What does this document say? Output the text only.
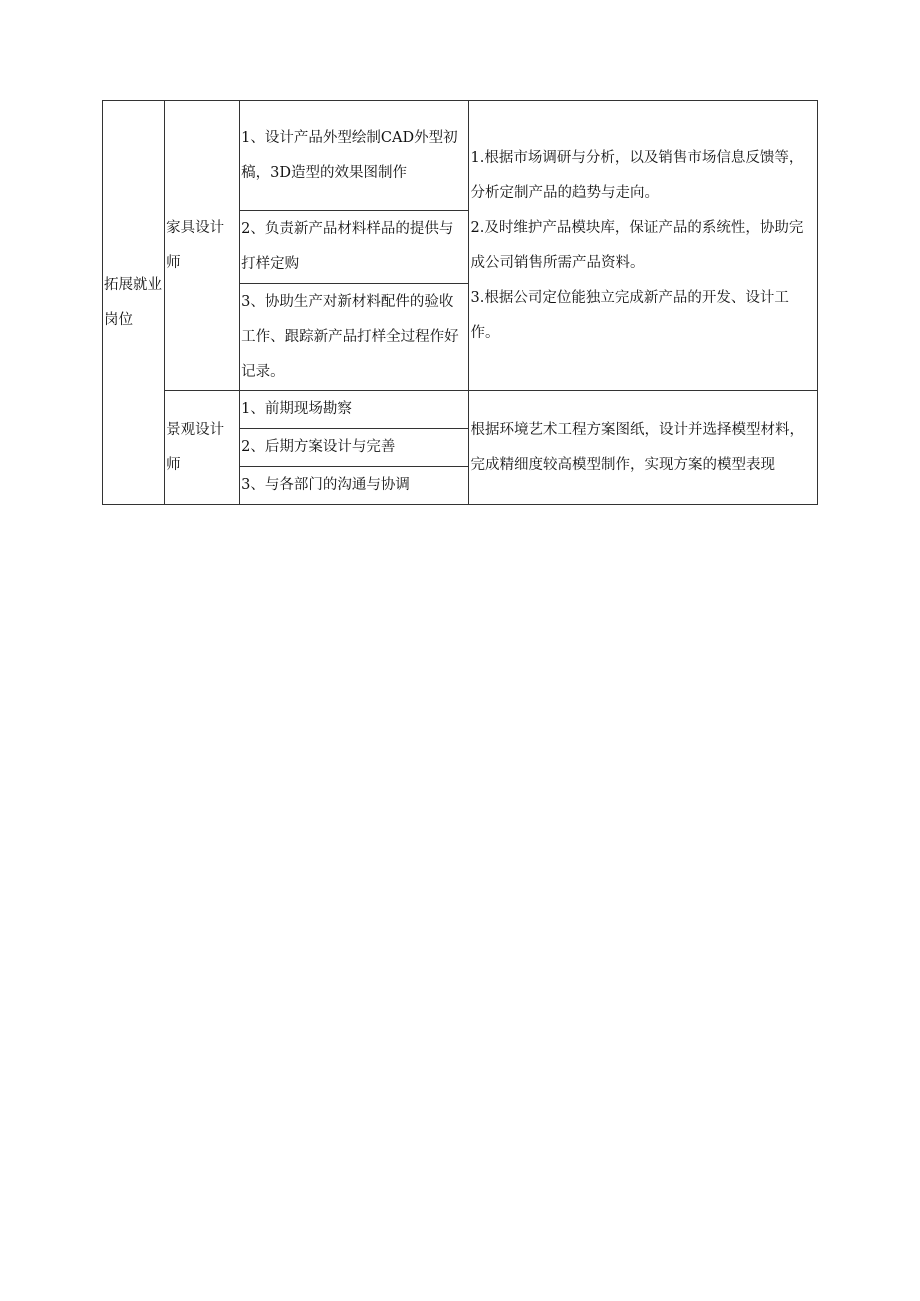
拓展就业岗位	家具设计师	1、设计产品外型绘制CAD外型初稿，3D造型的效果图制作	1.根据市场调研与分析，以及销售市场信息反馈等，分析定制产品的趋势与走向。
2.及时维护产品模块库，保证产品的系统性，协助完成公司销售所需产品资料。
3.根据公司定位能独立完成新产品的开发、设计工作。

		2、负责新产品材料样品的提供与打样定购	

		3、协助生产对新材料配件的验收工作、跟踪新产品打样全过程作好记录。	

	景观设计师	1、前期现场勘察	根据环境艺术工程方案图纸，设计并选择模型材料，完成精细度较高模型制作，实现方案的模型表现

		2、后期方案设计与完善	

		3、与各部门的沟通与协调	
